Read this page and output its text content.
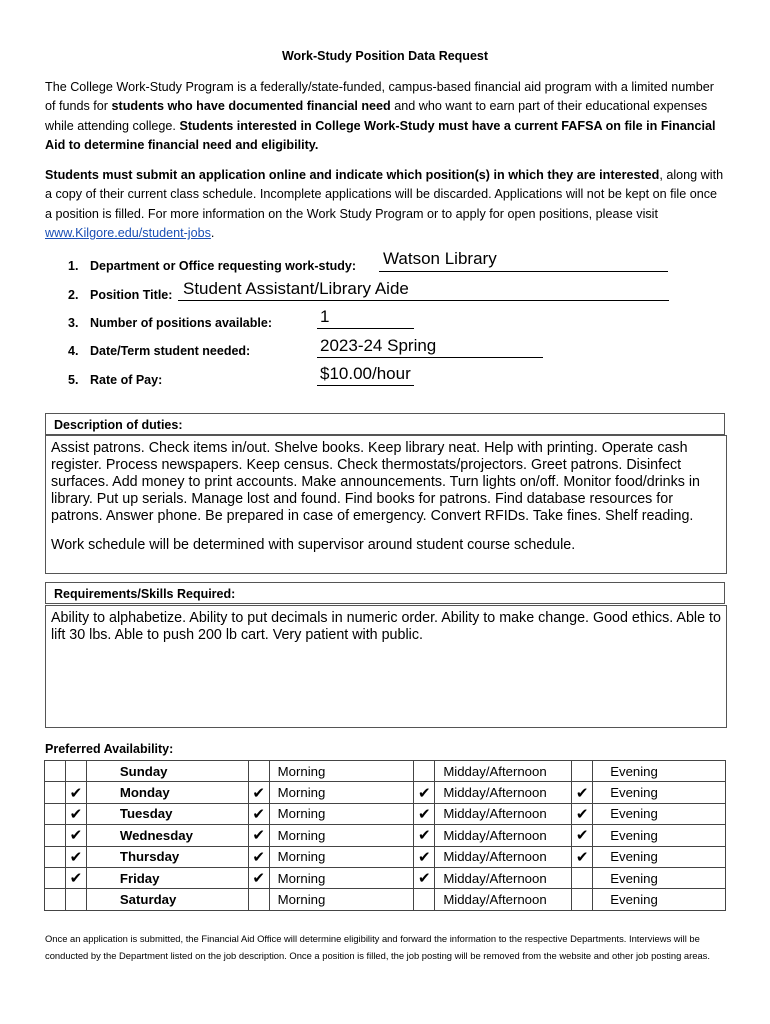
Work-Study Position Data Request
The College Work-Study Program is a federally/state-funded, campus-based financial aid program with a limited number of funds for students who have documented financial need and who want to earn part of their educational expenses while attending college. Students interested in College Work-Study must have a current FAFSA on file in Financial Aid to determine financial need and eligibility.
Students must submit an application online and indicate which position(s) in which they are interested, along with a copy of their current class schedule. Incomplete applications will be discarded. Applications will not be kept on file once a position is filled. For more information on the Work Study Program or to apply for open positions, please visit www.Kilgore.edu/student-jobs.
1. Department or Office requesting work-study: Watson Library
2. Position Title: Student Assistant/Library Aide
3. Number of positions available:	1
4. Date/Term student needed:	2023-24 Spring
5. Rate of Pay:	$10.00/hour
Description of duties:
Assist patrons. Check items in/out. Shelve books. Keep library neat. Help with printing. Operate cash register. Process newspapers. Keep census. Check thermostats/projectors. Greet patrons. Disinfect surfaces. Add money to print accounts. Make announcements. Turn lights on/off. Monitor food/drinks in library. Put up serials. Manage lost and found. Find books for patrons. Find database resources for patrons. Answer phone. Be prepared in case of emergency. Convert RFIDs. Take fines. Shelf reading.
Work schedule will be determined with supervisor around student course schedule.
Requirements/Skills Required:
Ability to alphabetize. Ability to put decimals in numeric order. Ability to make change. Good ethics. Able to lift 30 lbs. Able to push 200 lb cart. Very patient with public.
Preferred Availability:
		Sunday		Morning		Midday/Afternoon		Evening
	✔	Monday	✔	Morning	✔	Midday/Afternoon	✔	Evening
	✔	Tuesday	✔	Morning	✔	Midday/Afternoon	✔	Evening
	✔	Wednesday	✔	Morning	✔	Midday/Afternoon	✔	Evening
	✔	Thursday	✔	Morning	✔	Midday/Afternoon	✔	Evening
	✔	Friday	✔	Morning	✔	Midday/Afternoon		Evening
		Saturday		Morning		Midday/Afternoon		Evening
Once an application is submitted, the Financial Aid Office will determine eligibility and forward the information to the respective Departments. Interviews will be conducted by the Department listed on the job description. Once a position is filled, the job posting will be removed from the website and other job posting areas.
